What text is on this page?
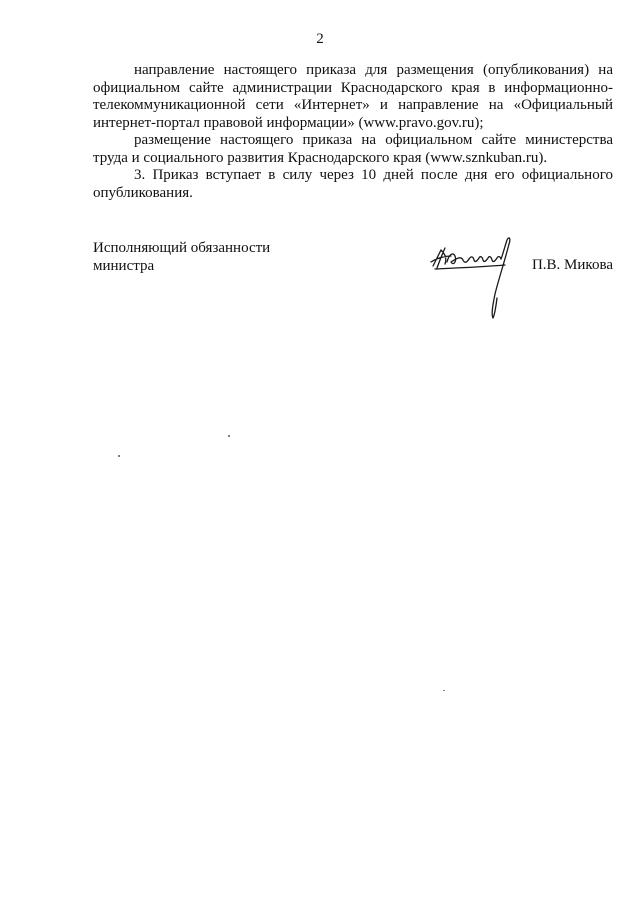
2

направление настоящего приказа для размещения (опубликования) на официальном сайте администрации Краснодарского края в информационно-телекоммуникационной сети «Интернет» и направление на «Официальный интернет-портал правовой информации» (www.pravo.gov.ru);

размещение настоящего приказа на официальном сайте министерства труда и социального развития Краснодарского края (www.sznkuban.ru).

3. Приказ вступает в силу через 10 дней после дня его официального опубликования.

Исполняющий обязанности
министра	П.В. Микова
